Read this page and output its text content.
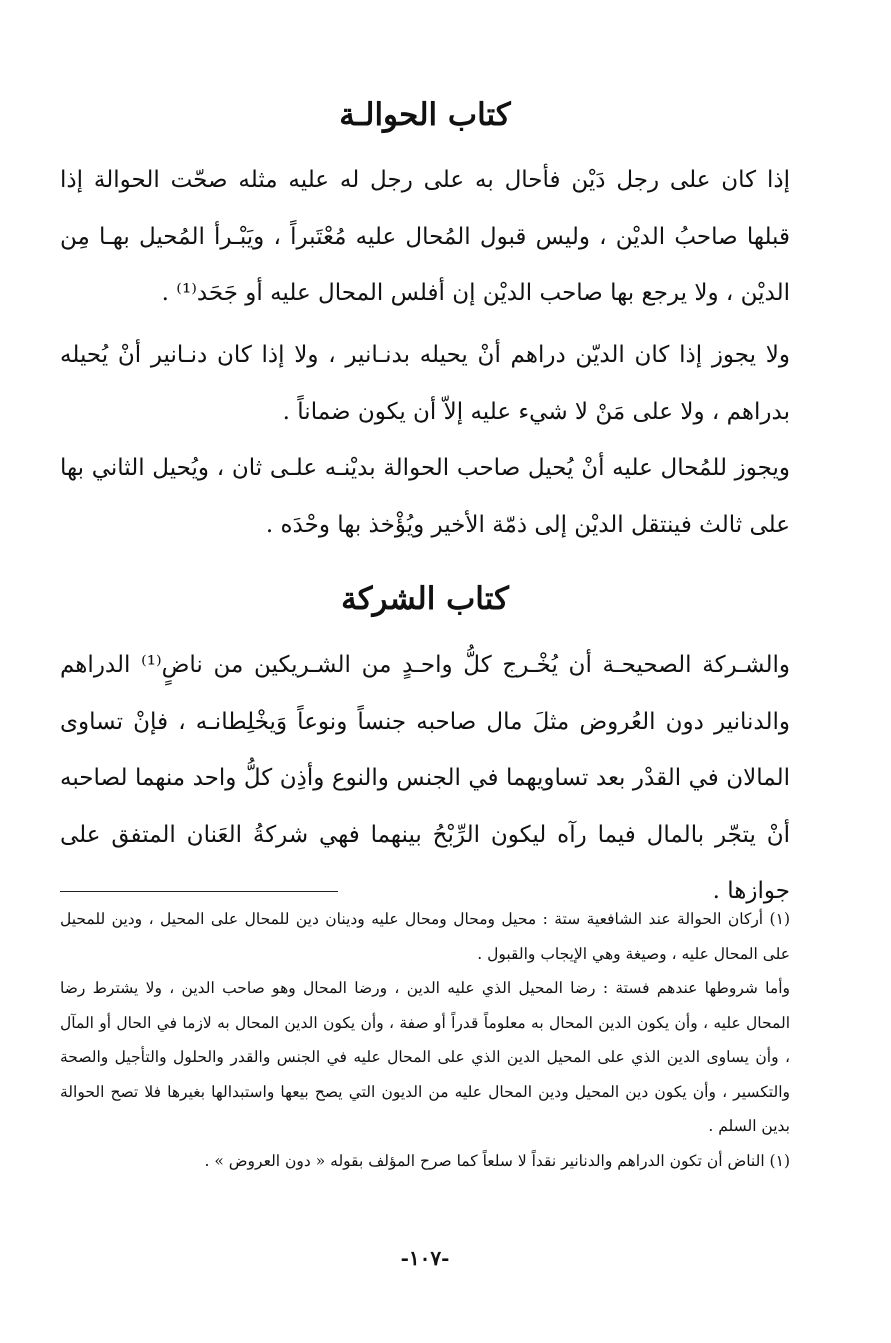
كتاب الحوالـة

إذا كان على رجل دَيْن فأحال به على رجل له عليه مثله صحّت الحوالة إذا قبلها صاحبُ الديْن ، وليس قبول المُحال عليه مُعْتَبراً ، ويَبْـرأ المُحيل بهـا مِن الديْن ، ولا يرجع بها صاحب الديْن إن أفلس المحال عليه أو جَحَد⁽¹⁾ .

ولا يجوز إذا كان الديّن دراهم أنْ يحيله بدنـانير ، ولا إذا كان دنـانير أنْ يُحيله بدراهم ، ولا على مَنْ لا شيء عليه إلاّ أن يكون ضماناً .

ويجوز للمُحال عليه أنْ يُحيل صاحب الحوالة بديْنـه علـى ثان ، ويُحيل الثاني بها على ثالث فينتقل الديْن إلى ذمّة الأخير ويُؤْخذ بها وحْدَه .

كتاب الشركة

والشـركة الصحيحـة أن يُخْـرج كلُّ واحـدٍ من الشـريكين من ناضٍ⁽¹⁾ الدراهم والدنانير دون العُروض مثلَ مال صاحبه جنساً ونوعاً وَيخْلِطانـه ، فإنْ تساوى المالان في القدْر بعد تساويهما في الجنس والنوع وأذِن كلُّ واحد منهما لصاحبه أنْ يتجّر بالمال فيما رآه ليكون الرِّبْحُ بينهما فهي شركةُ العَنان المتفق على جوازها .

(١) أركان الحوالة عند الشافعية ستة : محيل ومحال ومحال عليه ودينان دين للمحال على المحيل ، ودين للمحيل على المحال عليه ، وصيغة وهي الإيجاب والقبول .

وأما شروطها عندهم فستة : رضا المحيل الذي عليه الدين ، ورضا المحال وهو صاحب الدين ، ولا يشترط رضا المحال عليه ، وأن يكون الدين المحال به معلوماً قدراً أو صفة ، وأن يكون الدين المحال به لازما في الحال أو المآل ، وأن يساوى الدين الذي على المحيل الدين الذي على المحال عليه في الجنس والقدر والحلول والتأجيل والصحة والتكسير ، وأن يكون دين المحيل ودين المحال عليه من الديون التي يصح بيعها واستبدالها بغيرها فلا تصح الحوالة بدين السلم .

(١) الناض أن تكون الدراهم والدنانير نقداً لا سلعاً كما صرح المؤلف بقوله « دون العروض » .

-١٠٧-
